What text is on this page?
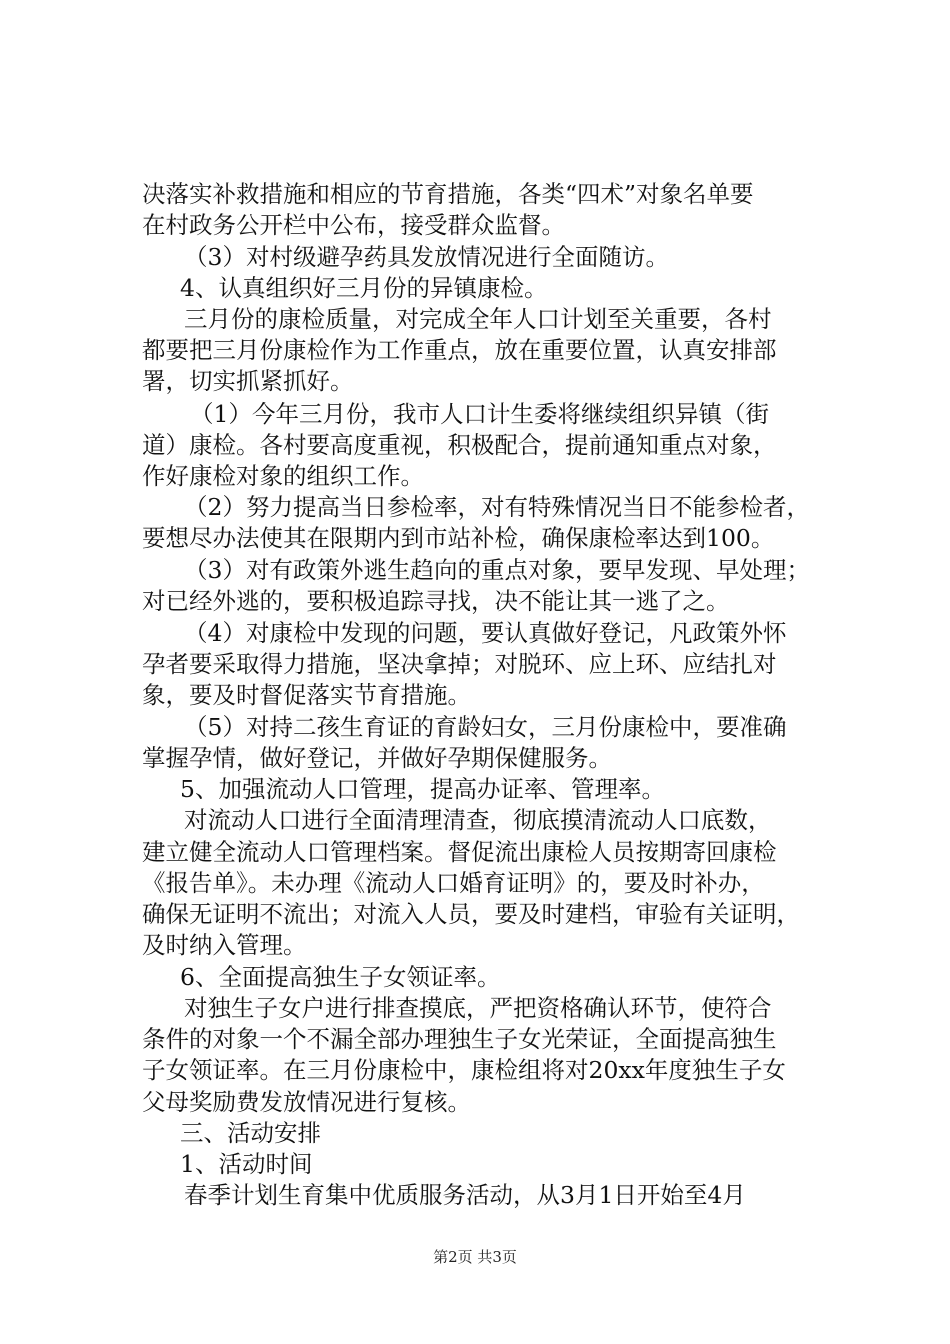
决落实补救措施和相应的节育措施，各类“四术”对象名单要
在村政务公开栏中公布，接受群众监督。
（3）对村级避孕药具发放情况进行全面随访。
4、认真组织好三月份的异镇康检。
三月份的康检质量，对完成全年人口计划至关重要，各村
都要把三月份康检作为工作重点，放在重要位置，认真安排部
署，切实抓紧抓好。
（1）今年三月份，我市人口计生委将继续组织异镇（街
道）康检。各村要高度重视，积极配合，提前通知重点对象，
作好康检对象的组织工作。
（2）努力提高当日参检率，对有特殊情况当日不能参检者，
要想尽办法使其在限期内到市站补检，确保康检率达到100。
（3）对有政策外逃生趋向的重点对象，要早发现、早处理；
对已经外逃的，要积极追踪寻找，决不能让其一逃了之。
（4）对康检中发现的问题，要认真做好登记，凡政策外怀
孕者要采取得力措施，坚决拿掉；对脱环、应上环、应结扎对
象，要及时督促落实节育措施。
（5）对持二孩生育证的育龄妇女，三月份康检中，要准确
掌握孕情，做好登记，并做好孕期保健服务。
5、加强流动人口管理，提高办证率、管理率。
对流动人口进行全面清理清查，彻底摸清流动人口底数，
建立健全流动人口管理档案。督促流出康检人员按期寄回康检
《报告单》。未办理《流动人口婚育证明》的，要及时补办，
确保无证明不流出；对流入人员，要及时建档，审验有关证明，
及时纳入管理。
6、全面提高独生子女领证率。
对独生子女户进行排查摸底，严把资格确认环节，使符合
条件的对象一个不漏全部办理独生子女光荣证，全面提高独生
子女领证率。在三月份康检中，康检组将对20xx年度独生子女
父母奖励费发放情况进行复核。
三、活动安排
1、活动时间
春季计划生育集中优质服务活动，从3月1日开始至4月
第2页 共3页
